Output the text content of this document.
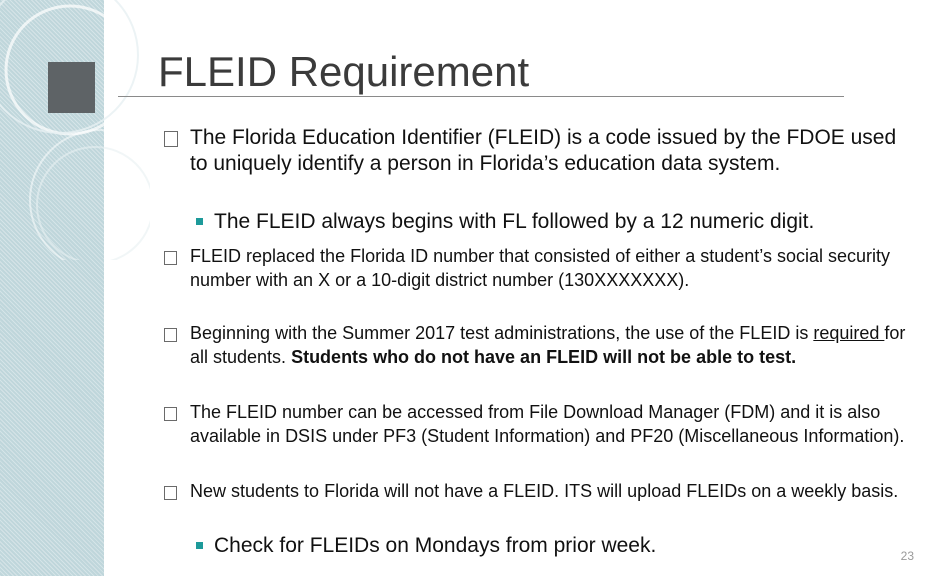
FLEID Requirement
The Florida Education Identifier (FLEID) is a code issued by the FDOE used to uniquely identify a person in Florida’s education data system.
The FLEID always begins with FL followed by a 12 numeric digit.
FLEID replaced the Florida ID number that consisted of either a student’s social security number with an X or a 10-digit district number (130XXXXXXX).
Beginning with the Summer 2017 test administrations, the use of the FLEID is required for all students. Students who do not have an FLEID will not be able to test.
The FLEID number can be accessed from File Download Manager (FDM) and it is also available in DSIS under PF3 (Student Information) and PF20 (Miscellaneous Information).
New students to Florida will not have a FLEID. ITS will upload FLEIDs on a weekly basis.
Check for FLEIDs on Mondays from prior week.	23
